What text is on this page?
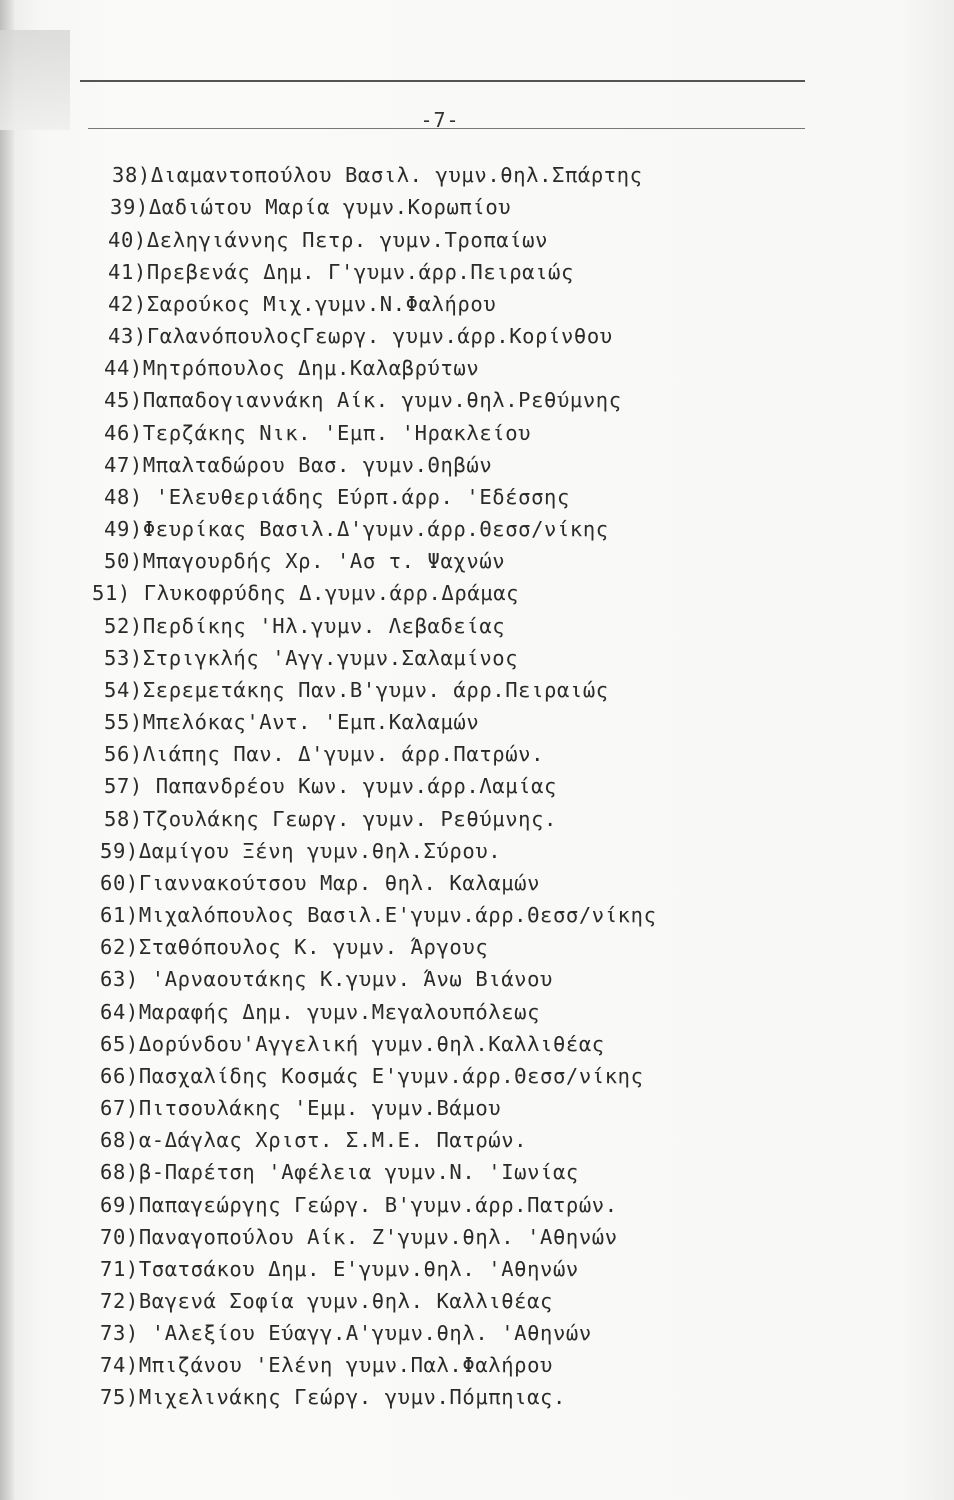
-7-
38)Διαμαντοπούλου Βασιλ. γυμν.θηλ.Σπάρτης
39)Δαδιώτου Μαρία γυμν.Κορωπίου
40)Δεληγιάννης Πετρ. γυμν.Τροπαίων
41)Πρεβενάς Δημ. Γ'γυμν.άρρ.Πειραιώς
42)Σαρούκος Μιχ.γυμν.Ν.Φαλήρου
43)ΓαλανόπουλοςΓεωργ. γυμν.άρρ.Κορίνθου
44)Μητρόπουλος Δημ.Καλαβρύτων
45)Παπαδογιαννάκη Αίκ. γυμν.θηλ.Ρεθύμνης
46)Τερζάκης Νικ. 'Εμπ. 'Ηρακλείου
47)Μπαλταδώρου Βασ. γυμν.Θηβών
48) 'Ελευθεριάδης Εύρπ.άρρ. 'Εδέσσης
49)Φευρίκας Βασιλ.Δ'γυμν.άρρ.Θεσσ/νίκης
50)Μπαγουρδής Χρ. 'Ασ τ. Ψαχνών
51) Γλυκοφρύδης Δ.γυμν.άρρ.Δράμας
52)Περδίκης 'Ηλ.γυμν. Λεβαδείας
53)Στριγκλής 'Αγγ.γυμν.Σαλαμίνος
54)Σερεμετάκης Παν.Β'γυμν. άρρ.Πειραιώς
55)Μπελόκας'Αντ. 'Εμπ.Καλαμών
56)Λιάπης Παν. Δ'γυμν. άρρ.Πατρών.
57) Παπανδρέου Κων. γυμν.άρρ.Λαμίας
58)Τζουλάκης Γεωργ. γυμν. Ρεθύμνης.
59)Δαμίγου Ξένη γυμν.θηλ.Σύρου.
60)Γιαννακούτσου Μαρ. θηλ. Καλαμών
61)Μιχαλόπουλος Βασιλ.Ε'γυμν.άρρ.Θεσσ/νίκης
62)Σταθόπουλος Κ. γυμν. Άργους
63) 'Αρναουτάκης Κ.γυμν. Άνω Βιάνου
64)Μαραφής Δημ. γυμν.Μεγαλουπόλεως
65)Δορύνδου'Αγγελική γυμν.θηλ.Καλλιθέας
66)Πασχαλίδης Κοσμάς Ε'γυμν.άρρ.Θεσσ/νίκης
67)Πιτσουλάκης 'Εμμ. γυμν.Βάμου
68)α-Δάγλας Χριστ. Σ.Μ.Ε. Πατρών.
68)β-Παρέτση 'Αφέλεια γυμν.Ν. 'Ιωνίας
69)Παπαγεώργης Γεώργ. Β'γυμν.άρρ.Πατρών.
70)Παναγοπούλου Αίκ. Ζ'γυμν.θηλ. 'Αθηνών
71)Τσατσάκου Δημ. Ε'γυμν.θηλ. 'Αθηνών
72)Βαγενά Σοφία γυμν.θηλ. Καλλιθέας
73) 'Αλεξίου Εύαγγ.Α'γυμν.θηλ. 'Αθηνών
74)Μπιζάνου 'Ελένη γυμν.Παλ.Φαλήρου
75)Μιχελινάκης Γεώργ. γυμν.Πόμπηιας.
